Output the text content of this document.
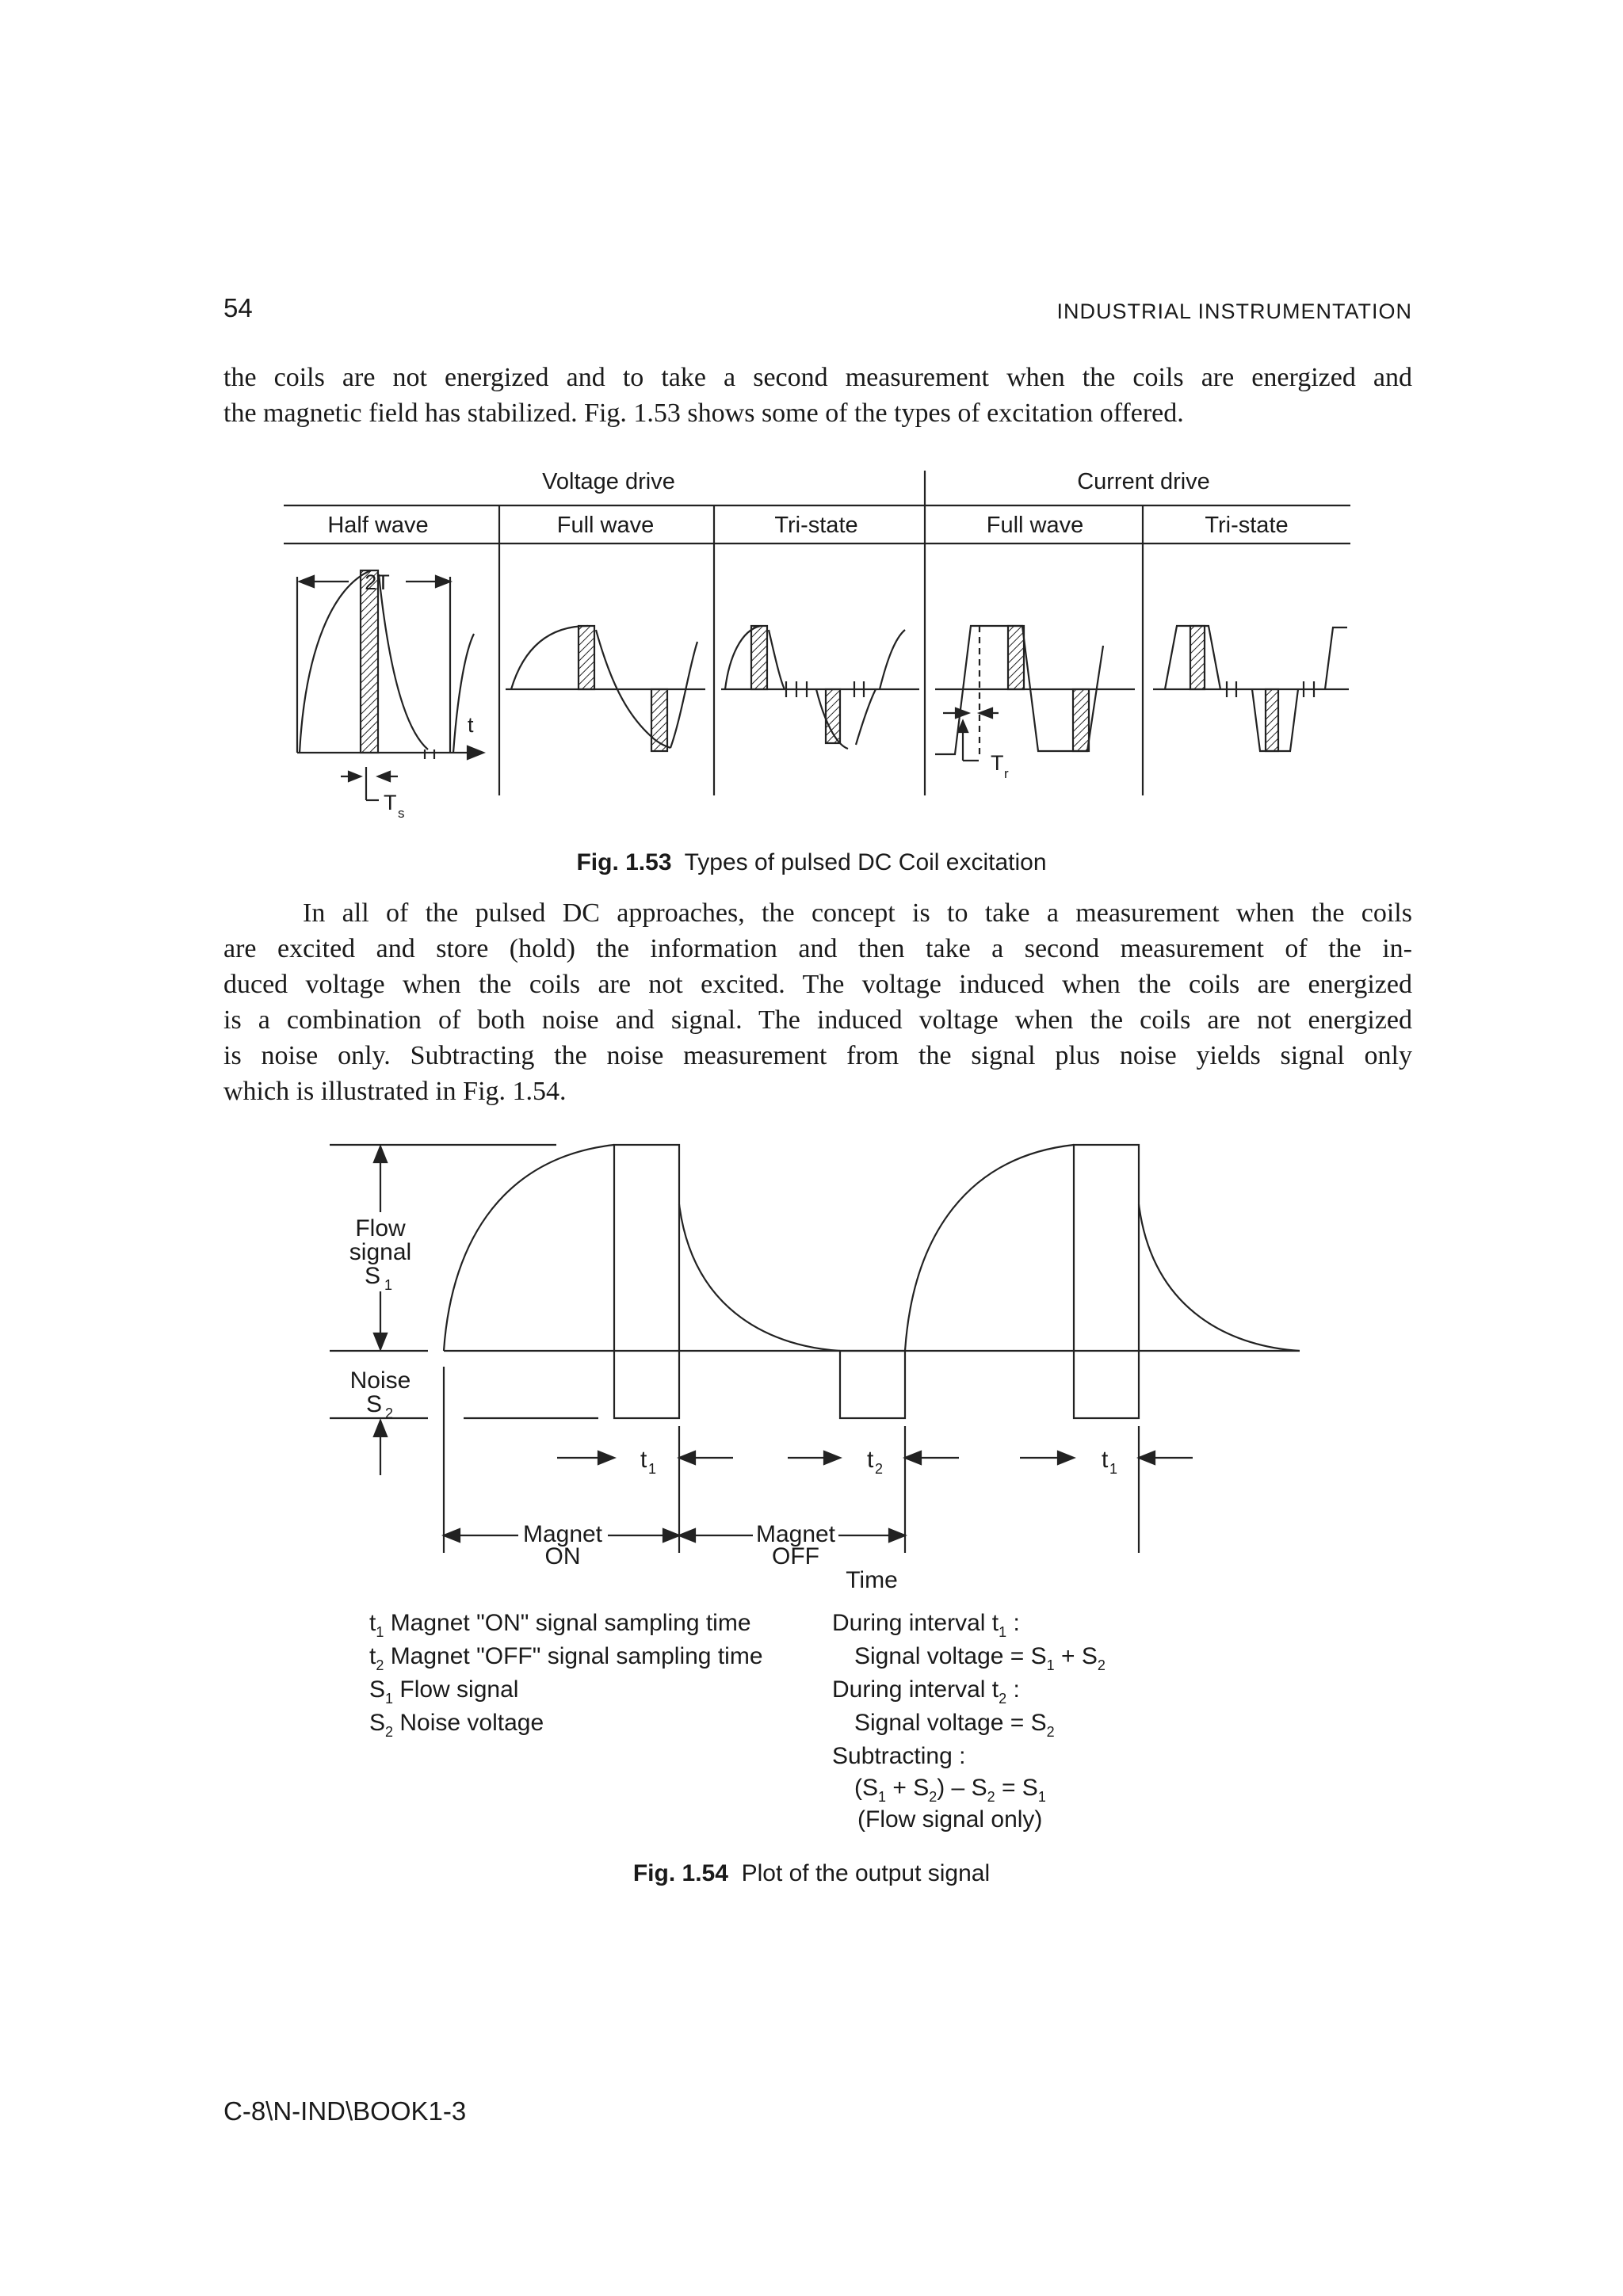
54	INDUSTRIAL INSTRUMENTATION

the coils are not energized and to take a second measurement when the coils are energized and
the magnetic field has stabilized. Fig. 1.53 shows some of the types of excitation offered.

Voltage drive	Current drive
Half wave	Full wave	Tri-state	Full wave	Tri-state
2T
t
T s
T r
Fig. 1.53 Types of pulsed DC Coil excitation

In all of the pulsed DC approaches, the concept is to take a measurement when the coils
are excited and store (hold) the information and then take a second measurement of the in-
duced voltage when the coils are not excited. The voltage induced when the coils are energized
is a combination of both noise and signal. The induced voltage when the coils are not energized
is noise only. Subtracting the noise measurement from the signal plus noise yields signal only
which is illustrated in Fig. 1.54.

Flow
signal
S 1
Noise
S 2
t 1	t 2	t 1
Magnet
ON
Magnet
OFF
Time
$t_1$ Magnet "ON" signal sampling time
$t_2$ Magnet "OFF" signal sampling time
$S_1$ Flow signal
$S_2$ Noise voltage
During interval $t_1$ :
Signal voltage = $S_1 + S_2$
During interval $t_2$ :
Signal voltage = $S_2$
Subtracting :
$(S_1 + S_2) - S_2 = S_1$
(Flow signal only)
Fig. 1.54 Plot of the output signal
C-8\N-IND\BOOK1-3
